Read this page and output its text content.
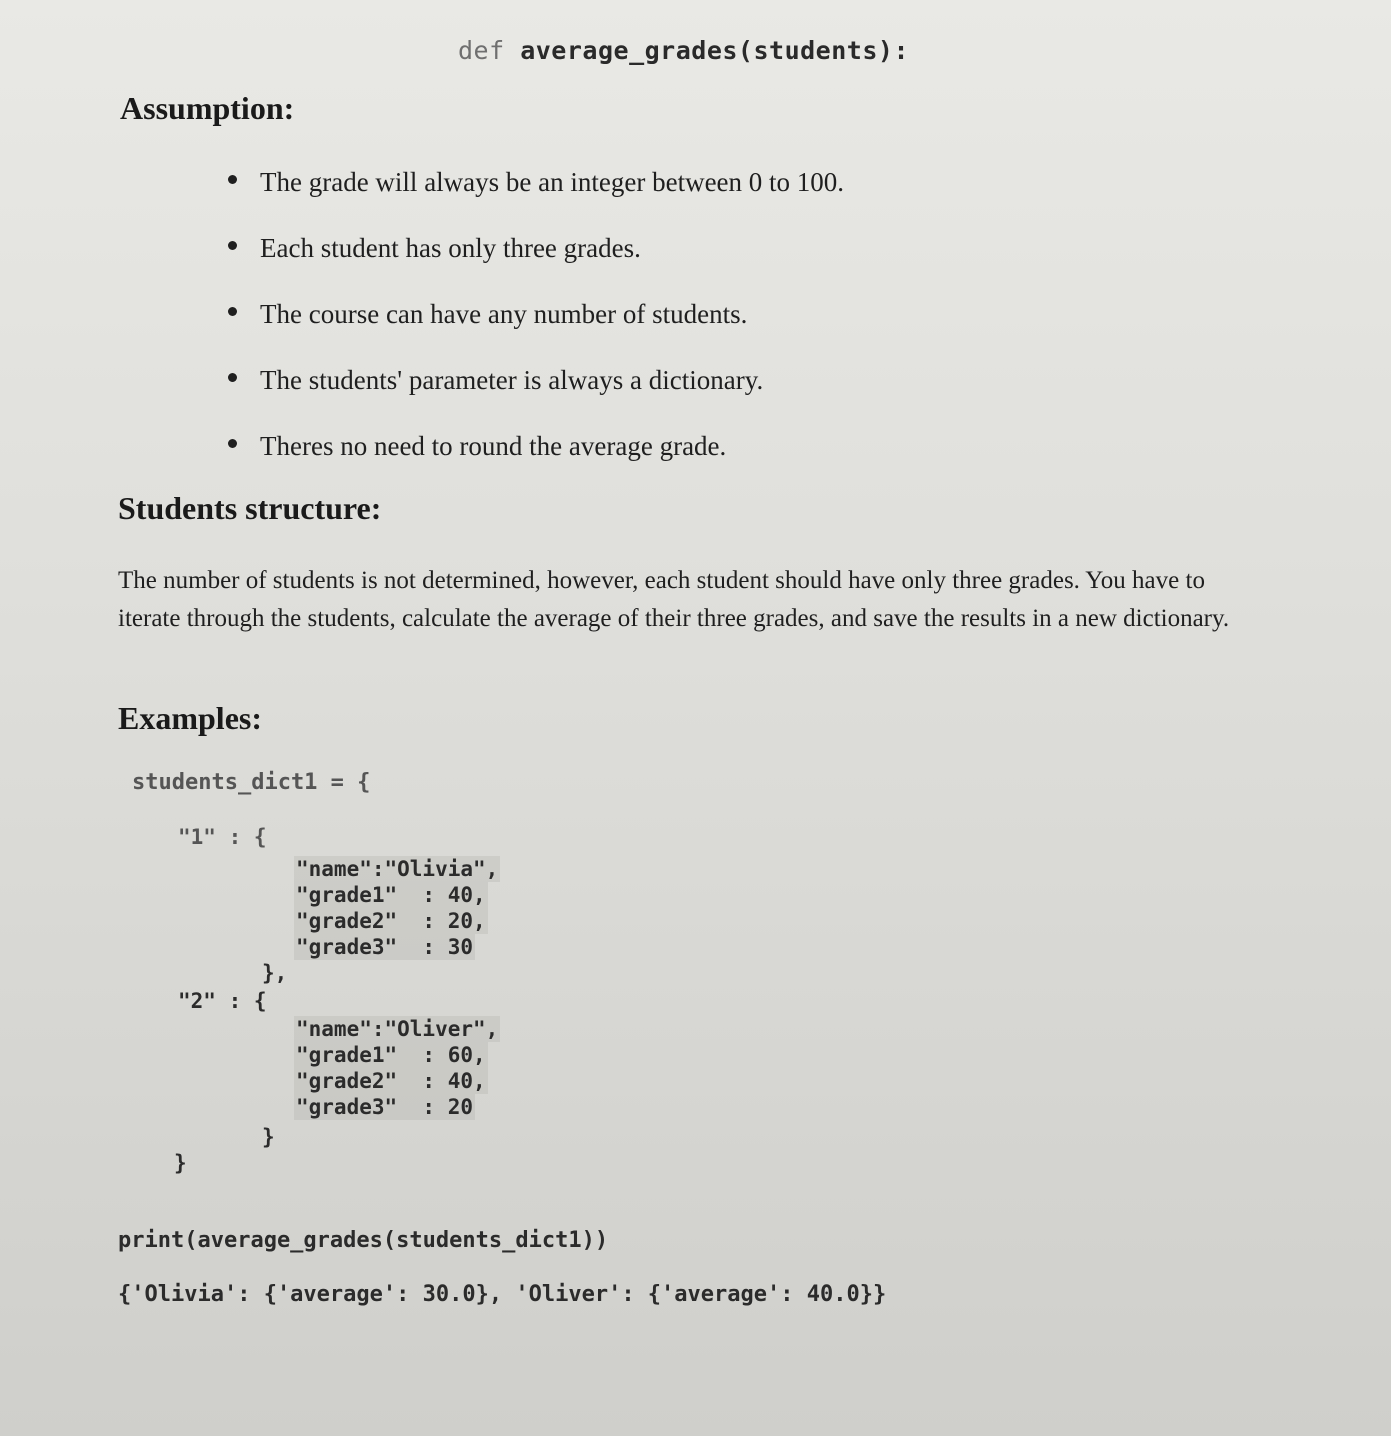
def average_grades(students):
Assumption:
The grade will always be an integer between 0 to 100.
Each student has only three grades.
The course can have any number of students.
The students' parameter is always a dictionary.
Theres no need to round the average grade.
Students structure:

The number of students is not determined, however, each student should have only three grades. You have to iterate through the students, calculate the average of their three grades, and save the results in a new dictionary.

Examples:
students_dict1 = {
"1" : {
"name":"Olivia",
"grade1"  : 40,
"grade2"  : 20,
"grade3"  : 30
},
"2" : {
"name":"Oliver",
"grade1"  : 60,
"grade2"  : 40,
"grade3"  : 20
}
}
print(average_grades(students_dict1))
{'Olivia': {'average': 30.0}, 'Oliver': {'average': 40.0}}
